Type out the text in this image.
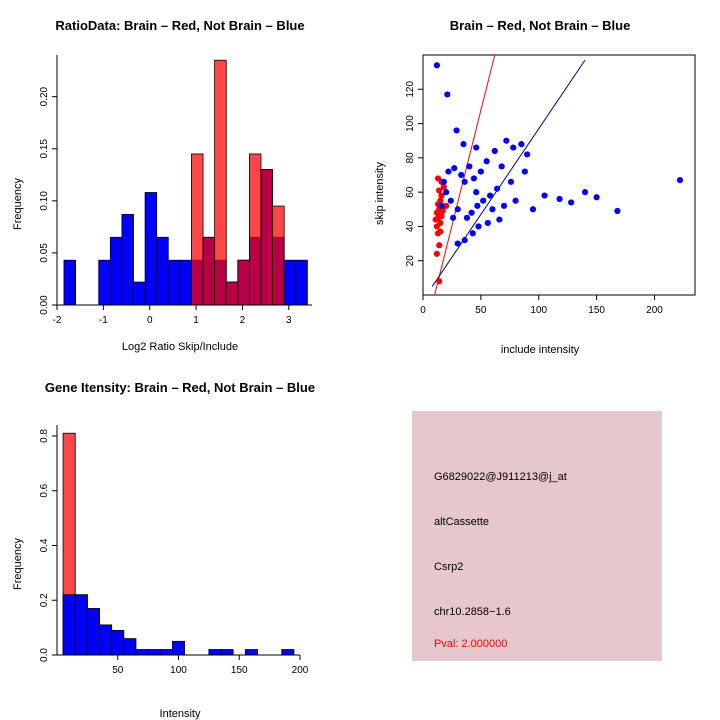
RatioData: Brain – Red, Not Brain – Blue
Frequency
Log2 Ratio Skip/Include
-2	-1	0	1	2	3
0.00
0.05
0.10
0.15
0.20
Brain – Red, Not Brain – Blue
skip intensity
include intensity
0	50	100	150	200
20
40
60
80
100
120
Gene Itensity: Brain – Red, Not Brain – Blue
Frequency
Intensity
50	100	150	200
0.0
0.2
0.4
0.6
0.8
G6829022@J911213@j_at
altCassette
Csrp2
chr10.2858−1.6
Pval: 2.000000
